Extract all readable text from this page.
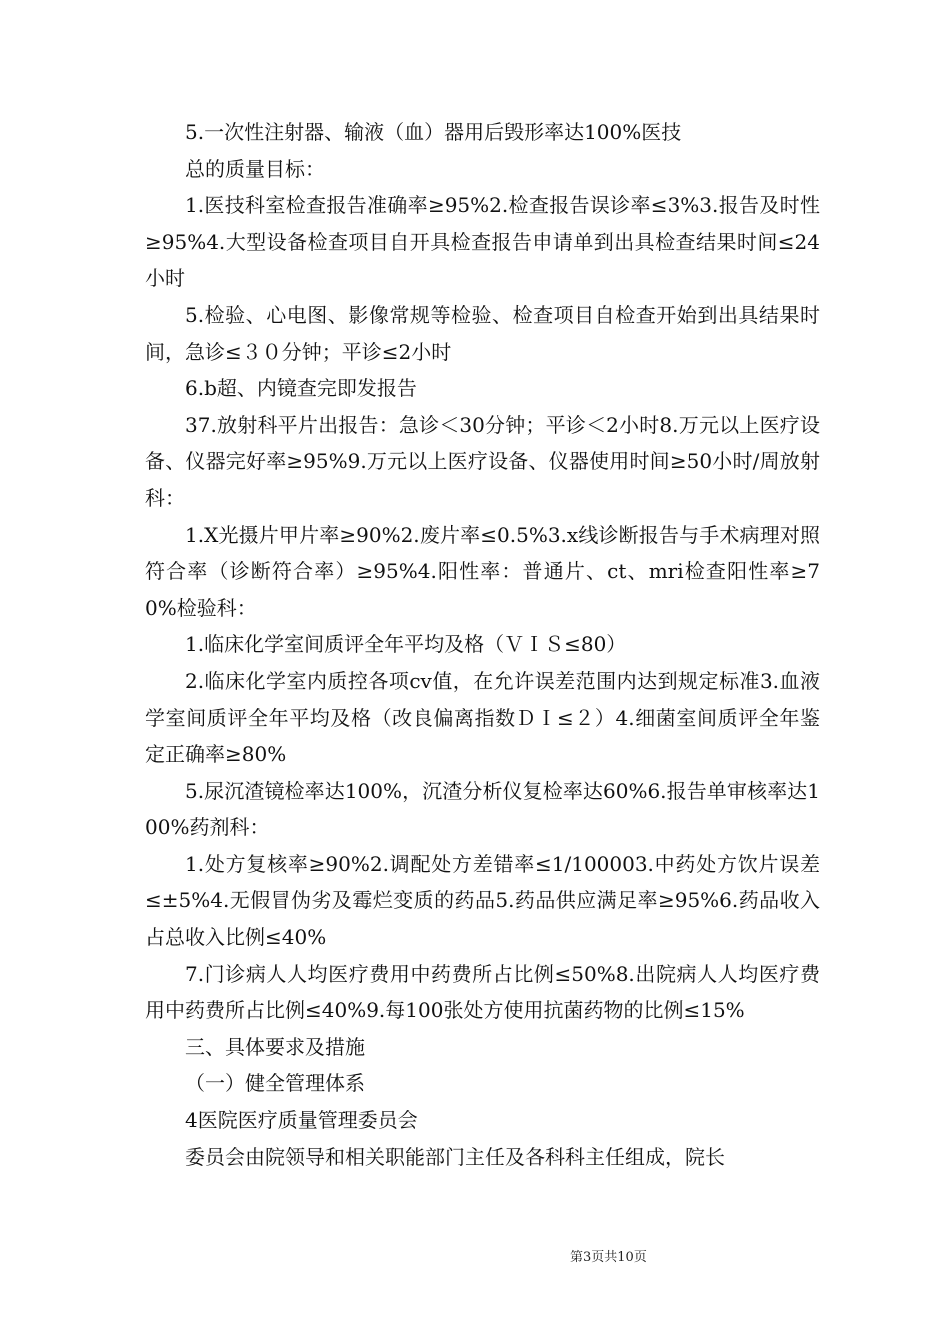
5.一次性注射器、输液（血）器用后毁形率达100%医技

总的质量目标：

1.医技科室检查报告准确率≥95%2.检查报告误诊率≤3%3.报告及时性≥95%4.大型设备检查项目自开具检查报告申请单到出具检查结果时间≤24小时

5.检验、心电图、影像常规等检验、检查项目自检查开始到出具结果时间，急诊≤３０分钟；平诊≤2小时

6.b超、内镜查完即发报告

37.放射科平片出报告：急诊＜30分钟；平诊＜2小时8.万元以上医疗设备、仪器完好率≥95%9.万元以上医疗设备、仪器使用时间≥50小时/周放射科：

1.X光摄片甲片率≥90%2.废片率≤0.5%3.x线诊断报告与手术病理对照符合率（诊断符合率）≥95%4.阳性率：普通片、ct、mri检查阳性率≥70%检验科：

1.临床化学室间质评全年平均及格（ＶＩＳ≤80）

2.临床化学室内质控各项cv值，在允许误差范围内达到规定标准3.血液学室间质评全年平均及格（改良偏离指数ＤＩ≤２）4.细菌室间质评全年鉴定正确率≥80%

5.尿沉渣镜检率达100%，沉渣分析仪复检率达60%6.报告单审核率达100%药剂科：

1.处方复核率≥90%2.调配处方差错率≤1/100003.中药处方饮片误差≤±5%4.无假冒伪劣及霉烂变质的药品5.药品供应满足率≥95%6.药品收入占总收入比例≤40%

7.门诊病人人均医疗费用中药费所占比例≤50%8.出院病人人均医疗费用中药费所占比例≤40%9.每100张处方使用抗菌药物的比例≤15%

三、具体要求及措施

（一）健全管理体系

4医院医疗质量管理委员会

委员会由院领导和相关职能部门主任及各科科主任组成，院长

第3页共10页
